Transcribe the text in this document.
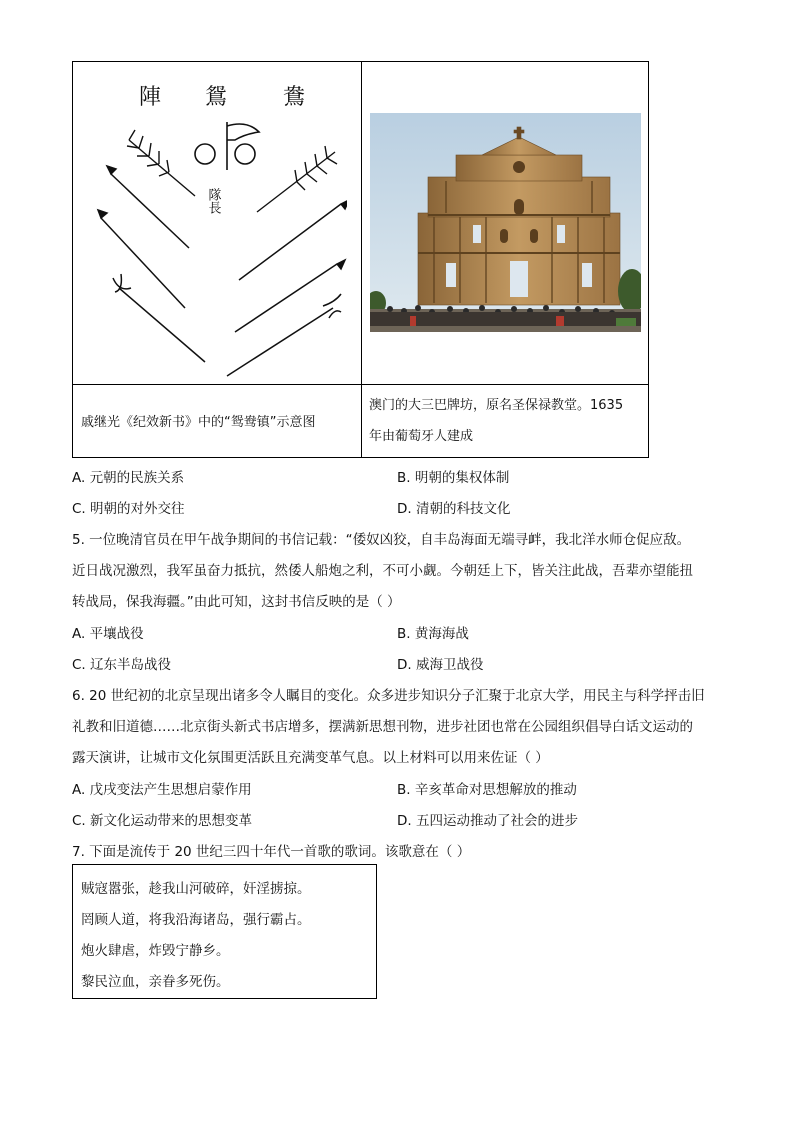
陣 鴛	鴦
隊長
戚继光《纪效新书》中的“鸳鸯镇”示意图
澳门的大三巴牌坊，原名圣保禄教堂。1635
年由葡萄牙人建成
A. 元朝的民族关系	B. 明朝的集权体制
C. 明朝的对外交往	D. 清朝的科技文化
5. 一位晚清官员在甲午战争期间的书信记载：“倭奴凶狡，自丰岛海面无端寻衅，我北洋水师仓促应敌。
近日战况激烈，我军虽奋力抵抗，然倭人船炮之利，不可小觑。今朝廷上下，皆关注此战，吾辈亦望能扭
转战局，保我海疆。”由此可知，这封书信反映的是（ ）
A. 平壤战役	B. 黄海海战
C. 辽东半岛战役	D. 威海卫战役
6. 20 世纪初的北京呈现出诸多令人瞩目的变化。众多进步知识分子汇聚于北京大学，用民主与科学抨击旧
礼教和旧道德……北京街头新式书店增多，摆满新思想刊物，进步社团也常在公园组织倡导白话文运动的
露天演讲，让城市文化氛围更活跃且充满变革气息。以上材料可以用来佐证（ ）
A. 戊戌变法产生思想启蒙作用	B. 辛亥革命对思想解放的推动
C. 新文化运动带来的思想变革	D. 五四运动推动了社会的进步
7. 下面是流传于 20 世纪三四十年代一首歌的歌词。该歌意在（ ）
贼寇嚣张，趁我山河破碎，奸淫掳掠。
罔顾人道，将我沿海诸岛，强行霸占。
炮火肆虐，炸毁宁静乡。
黎民泣血，亲眷多死伤。
